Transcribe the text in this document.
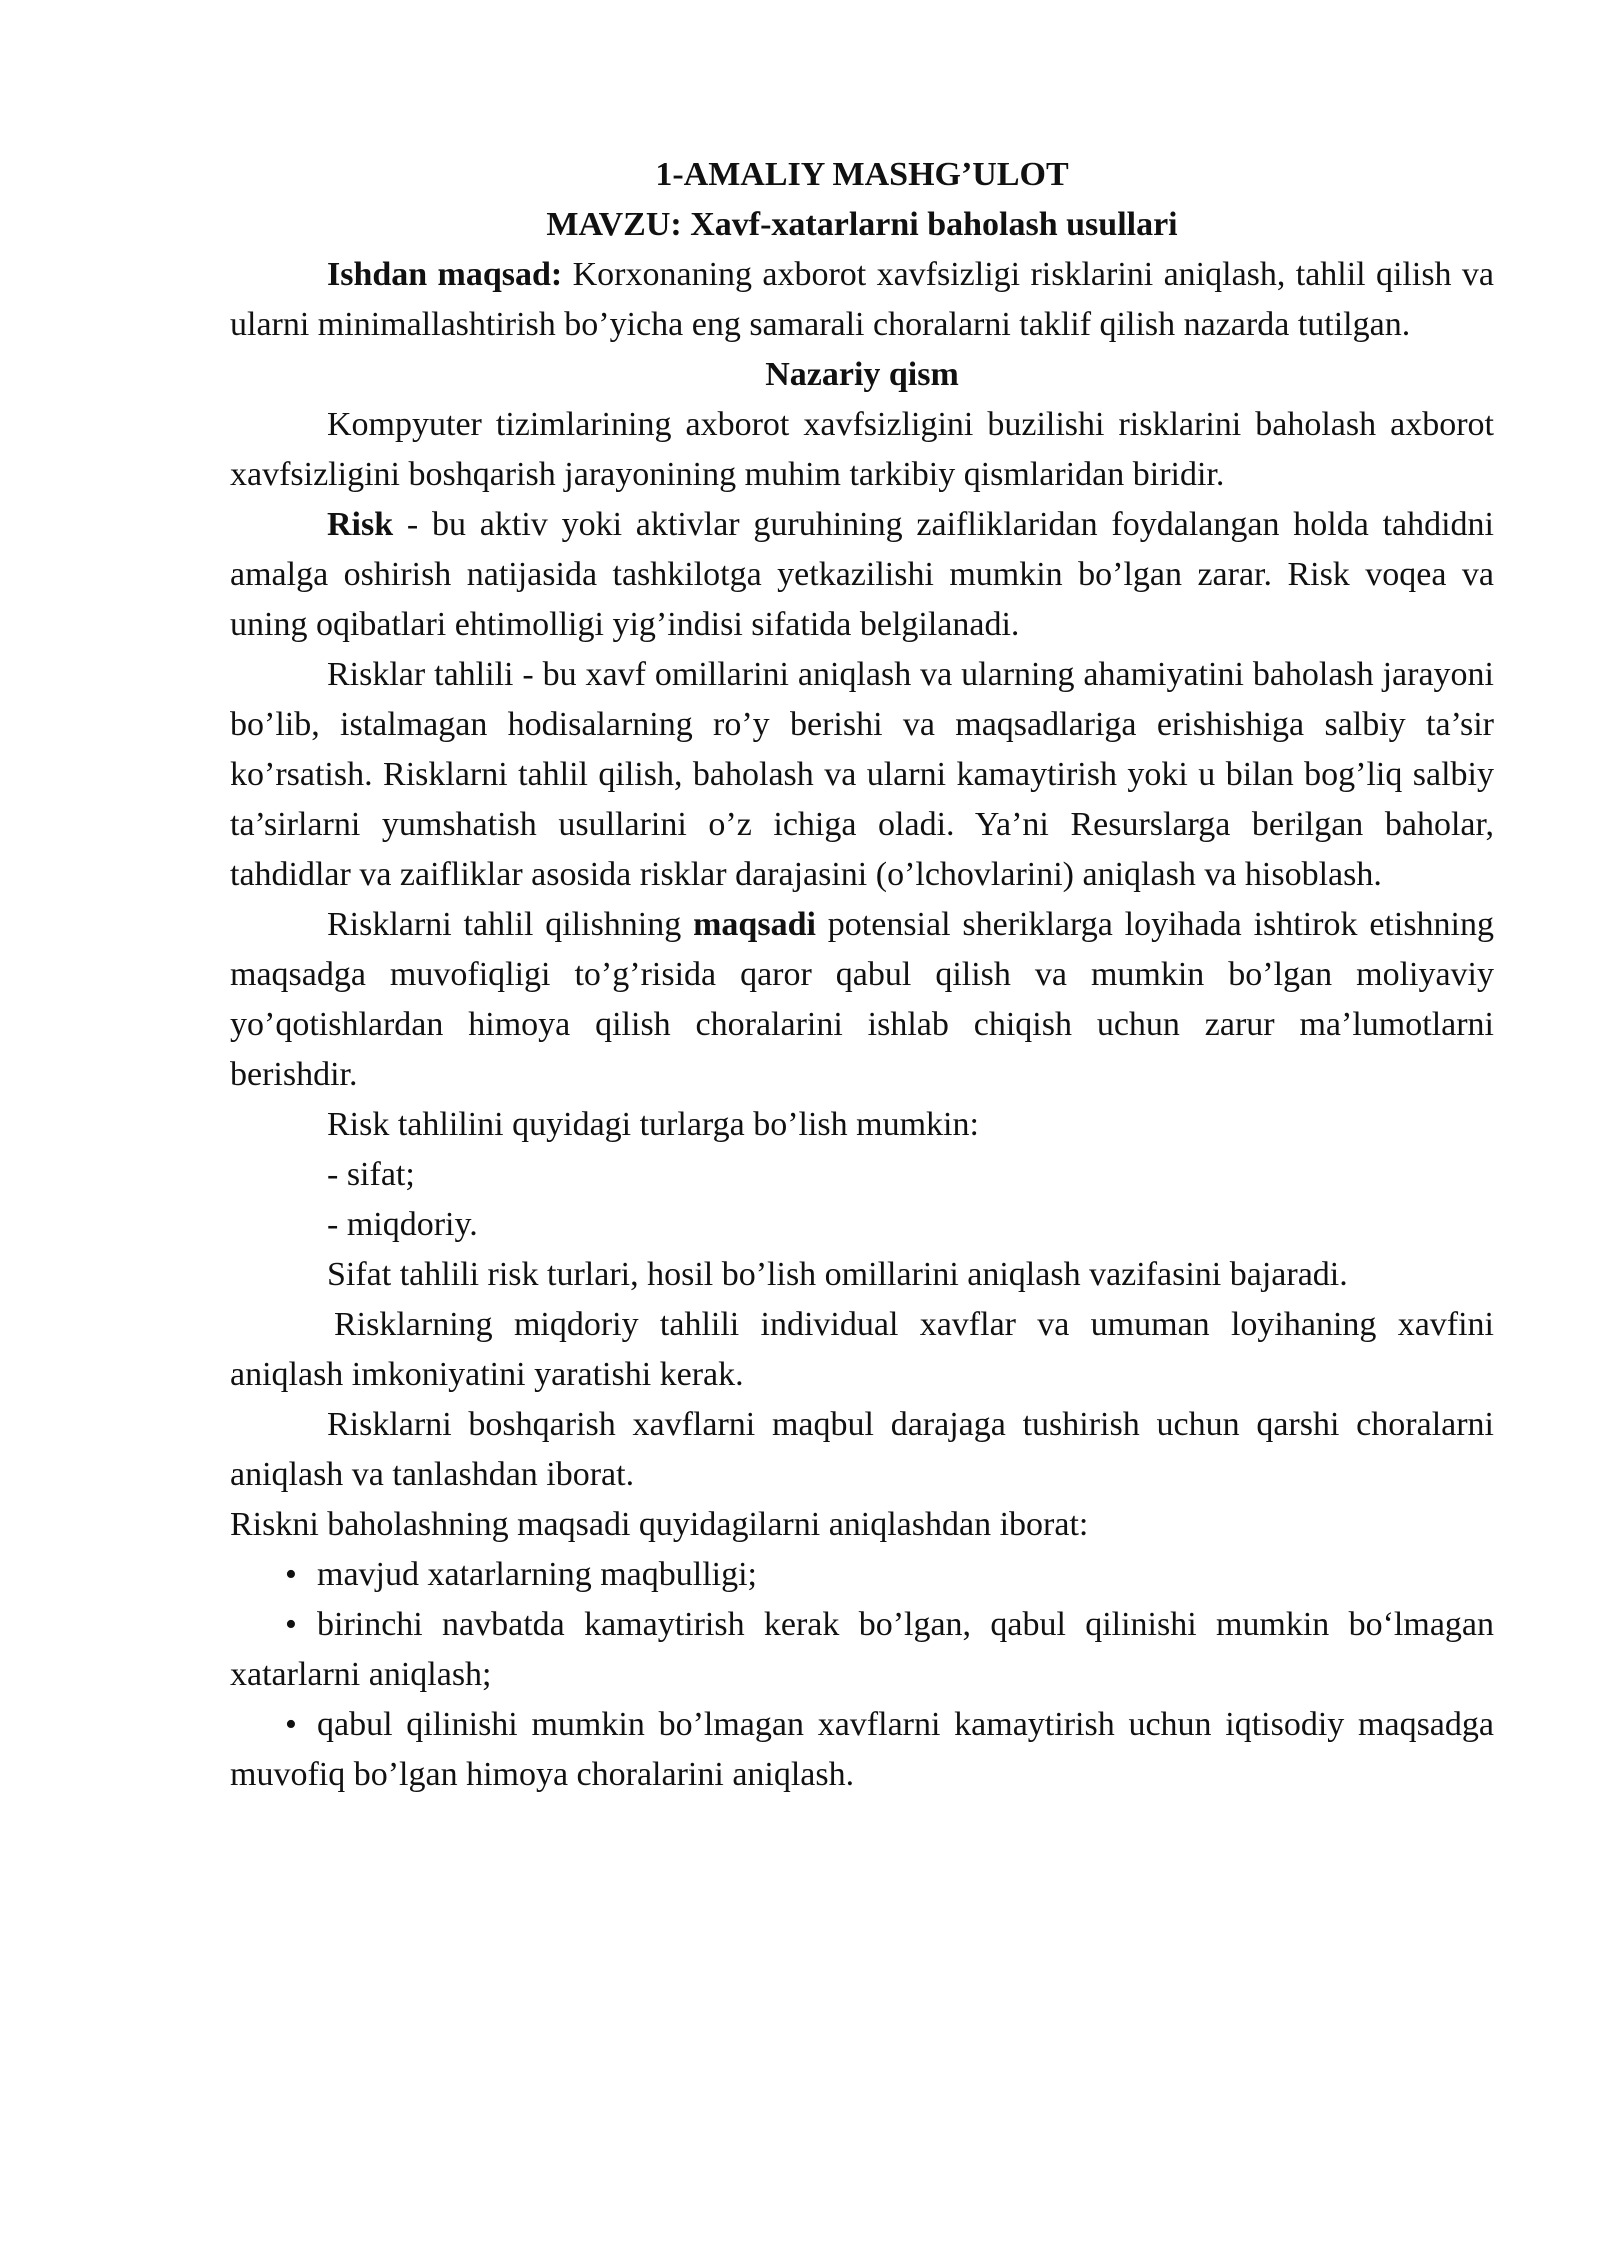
1-AMALIY MASHG’ULOT

MAVZU: Xavf-xatarlarni baholash usullari

Ishdan maqsad: Korxonaning axborot xavfsizligi risklarini aniqlash, tahlil qilish va ularni minimallashtirish bo’yicha eng samarali choralarni taklif qilish nazarda tutilgan.

Nazariy qism

Kompyuter tizimlarining axborot xavfsizligini buzilishi risklarini baholash axborot xavfsizligini boshqarish jarayonining muhim tarkibiy qismlaridan biridir.

Risk - bu aktiv yoki aktivlar guruhining zaifliklaridan foydalangan holda tahdidni amalga oshirish natijasida tashkilotga yetkazilishi mumkin bo’lgan zarar. Risk voqea va uning oqibatlari ehtimolligi yig’indisi sifatida belgilanadi.

Risklar tahlili - bu xavf omillarini aniqlash va ularning ahamiyatini baholash jarayoni bo’lib, istalmagan hodisalarning ro’y berishi va maqsadlariga erishishiga salbiy ta’sir ko’rsatish. Risklarni tahlil qilish, baholash va ularni kamaytirish yoki u bilan bog’liq salbiy ta’sirlarni yumshatish usullarini o’z ichiga oladi. Ya’ni Resurslarga berilgan baholar, tahdidlar va zaifliklar asosida risklar darajasini (o’lchovlarini) aniqlash va hisoblash.

Risklarni tahlil qilishning maqsadi potensial sheriklarga loyihada ishtirok etishning maqsadga muvofiqligi to’g’risida qaror qabul qilish va mumkin bo’lgan moliyaviy yo’qotishlardan himoya qilish choralarini ishlab chiqish uchun zarur ma’lumotlarni berishdir.

Risk tahlilini quyidagi turlarga bo’lish mumkin:

- sifat;

- miqdoriy.

Sifat tahlili risk turlari, hosil bo’lish omillarini aniqlash vazifasini bajaradi.

Risklarning miqdoriy tahlili individual xavflar va umuman loyihaning xavfini aniqlash imkoniyatini yaratishi kerak.

Risklarni boshqarish xavflarni maqbul darajaga tushirish uchun qarshi choralarni aniqlash va tanlashdan iborat.

Riskni baholashning maqsadi quyidagilarni aniqlashdan iborat:

• mavjud xatarlarning maqbulligi;

• birinchi navbatda kamaytirish kerak bo’lgan, qabul qilinishi mumkin bo‘lmagan xatarlarni aniqlash;

• qabul qilinishi mumkin bo’lmagan xavflarni kamaytirish uchun iqtisodiy maqsadga muvofiq bo’lgan himoya choralarini aniqlash.
